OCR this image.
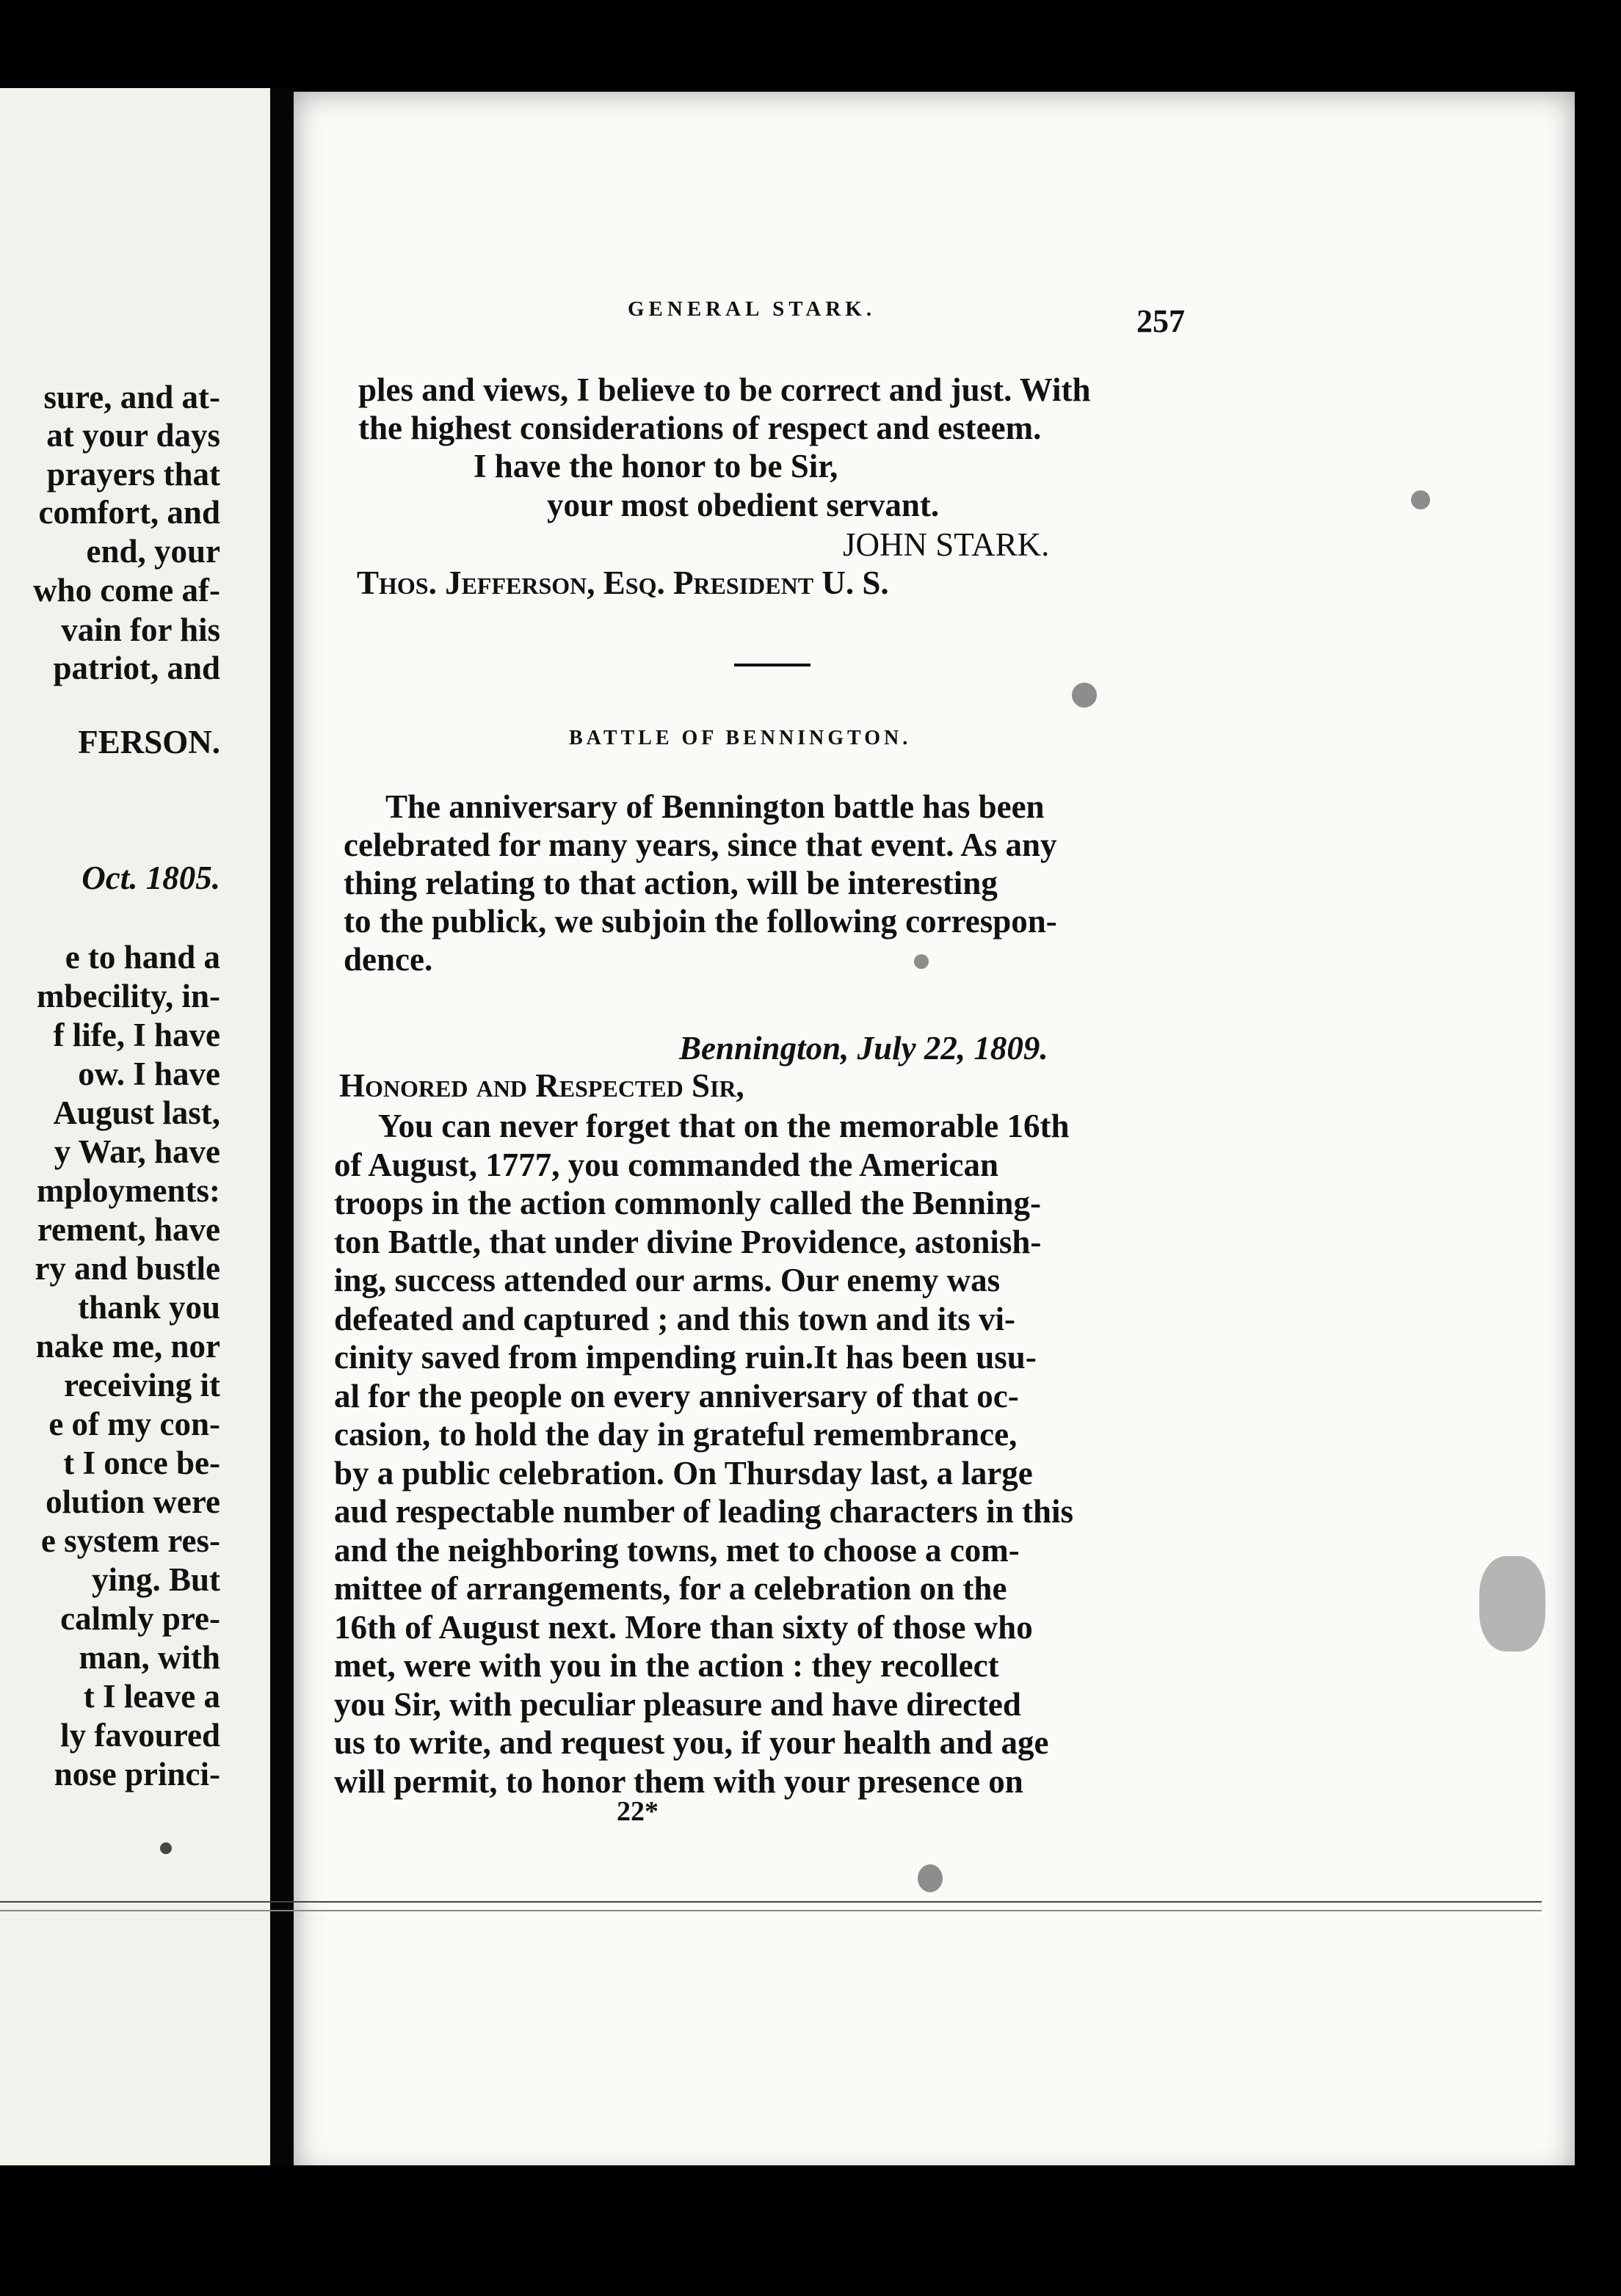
GENERAL STARK.	257
sure, and at-
at your days
prayers that
comfort, and
end, your
who come af-
vain for his
patriot, and
FERSON.
Oct. 1805.
e to hand a
mbecility, in-
f life, I have
ow. I have
August last,
y War, have
mployments:
rement, have
ry and bustle
thank you
nake me, nor
receiving it
e of my con-
t I once be-
olution were
e system res-
ying. But
calmly pre-
man, with
t I leave a
ly favoured
nose princi-
ples and views, I believe to be correct and just. With
the highest considerations of respect and esteem.
I have the honor to be Sir,
your most obedient servant.
JOHN STARK.
Thos. Jefferson, Esq. President U. S.
BATTLE OF BENNINGTON.
The anniversary of Bennington battle has been
celebrated for many years, since that event. As any
thing relating to that action, will be interesting
to the publick, we subjoin the following correspon-
dence.
Bennington, July 22, 1809.
Honored and Respected Sir,
You can never forget that on the memorable 16th
of August, 1777, you commanded the American
troops in the action commonly called the Benning-
ton Battle, that under divine Providence, astonish-
ing, success attended our arms. Our enemy was
defeated and captured ; and this town and its vi-
cinity saved from impending ruin.It has been usu-
al for the people on every anniversary of that oc-
casion, to hold the day in grateful remembrance,
by a public celebration. On Thursday last, a large
aud respectable number of leading characters in this
and the neighboring towns, met to choose a com-
mittee of arrangements, for a celebration on the
16th of August next. More than sixty of those who
met, were with you in the action : they recollect
you Sir, with peculiar pleasure and have directed
us to write, and request you, if your health and age
will permit, to honor them with your presence on
22*
